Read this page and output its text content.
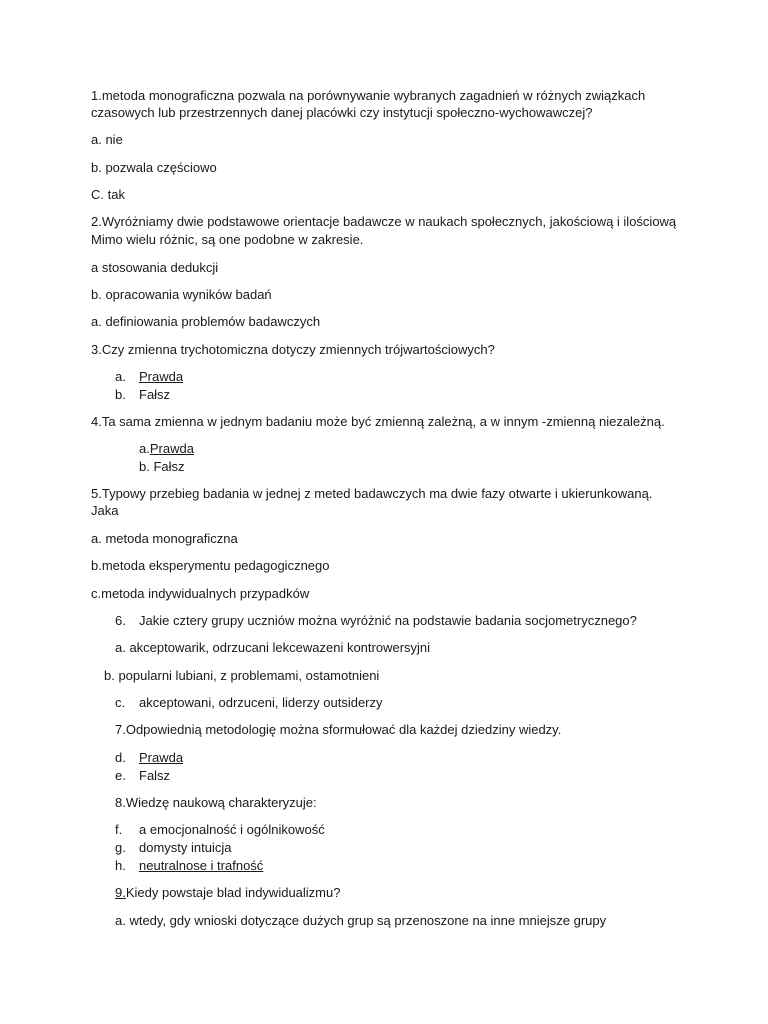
1.metoda monograficzna pozwala na porównywanie wybranych zagadnień w różnych związkach
czasowych lub przestrzennych danej placówki czy instytucji społeczno-wychowawczej?
a. nie
b. pozwala częściowo
C. tak
2.Wyróżniamy dwie podstawowe orientacje badawcze w naukach społecznych, jakościową i ilościową
Mimo wielu różnic, są one podobne w zakresie.
a stosowania dedukcji
b. opracowania wyników badań
a. definiowania problemów badawczych
3.Czy zmienna trychotomiczna dotyczy zmiennych trójwartościowych?
a. Prawda
b. Fałsz
4.Ta sama zmienna w jednym badaniu może być zmienną zależną, a w innym -zmienną niezależną.
a.Prawda
b. Fałsz
5.Typowy przebieg badania w jednej z meted badawczych ma dwie fazy otwarte i ukierunkowaną.
Jaka
a. metoda monograficzna
b.metoda eksperymentu pedagogicznego
c.metoda indywidualnych przypadków
6. Jakie cztery grupy uczniów można wyróżnić na podstawie badania socjometrycznego?
a. akceptowarik, odrzucani lekcewazeni kontrowersyjni
b. popularni lubiani, z problemami, ostamotnieni
c. akceptowani, odrzuceni, liderzy outsiderzy
7.Odpowiednią metodologię można sformułować dla każdej dziedziny wiedzy.
d. Prawda
e. Falsz
8.Wiedzę naukową charakteryzuje:
f. a emocjonalność i ogólnikowość
g. domysty intuicja
h. neutralnose i trafność
9.Kiedy powstaje blad indywidualizmu?
a. wtedy, gdy wnioski dotyczące dużych grup są przenoszone na inne mniejsze grupy
